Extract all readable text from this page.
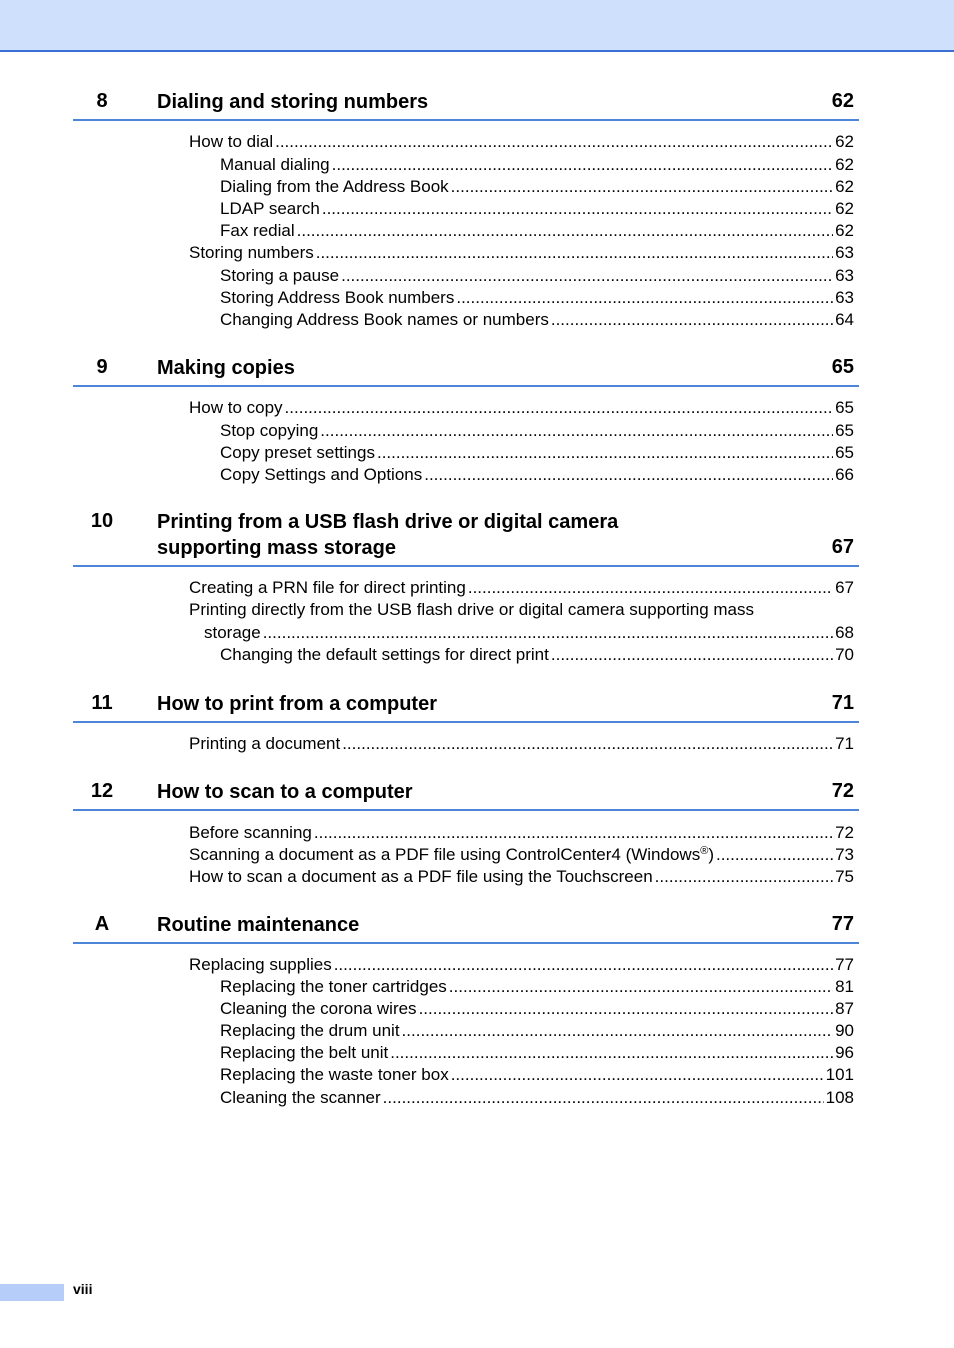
8	Dialing and storing numbers	62
How to dial .....	62
Manual dialing .....	62
Dialing from the Address Book .....	62
LDAP search .....	62
Fax redial .....	62
Storing numbers .....	63
Storing a pause .....	63
Storing Address Book numbers .....	63
Changing Address Book names or numbers .....	64
9	Making copies	65
How to copy .....	65
Stop copying .....	65
Copy preset settings .....	65
Copy Settings and Options .....	66
10	Printing from a USB flash drive or digital camera
supporting mass storage	67
Creating a PRN file for direct printing .....	67
Printing directly from the USB flash drive or digital camera supporting mass
storage .....	68
Changing the default settings for direct print .....	70
11	How to print from a computer	71
Printing a document .....	71
12	How to scan to a computer	72
Before scanning .....	72
Scanning a document as a PDF file using ControlCenter4 (Windows®) .....	73
How to scan a document as a PDF file using the Touchscreen .....	75
A	Routine maintenance	77
Replacing supplies .....	77
Replacing the toner cartridges .....	81
Cleaning the corona wires .....	87
Replacing the drum unit .....	90
Replacing the belt unit .....	96
Replacing the waste toner box .....	101
Cleaning the scanner .....	108
viii
